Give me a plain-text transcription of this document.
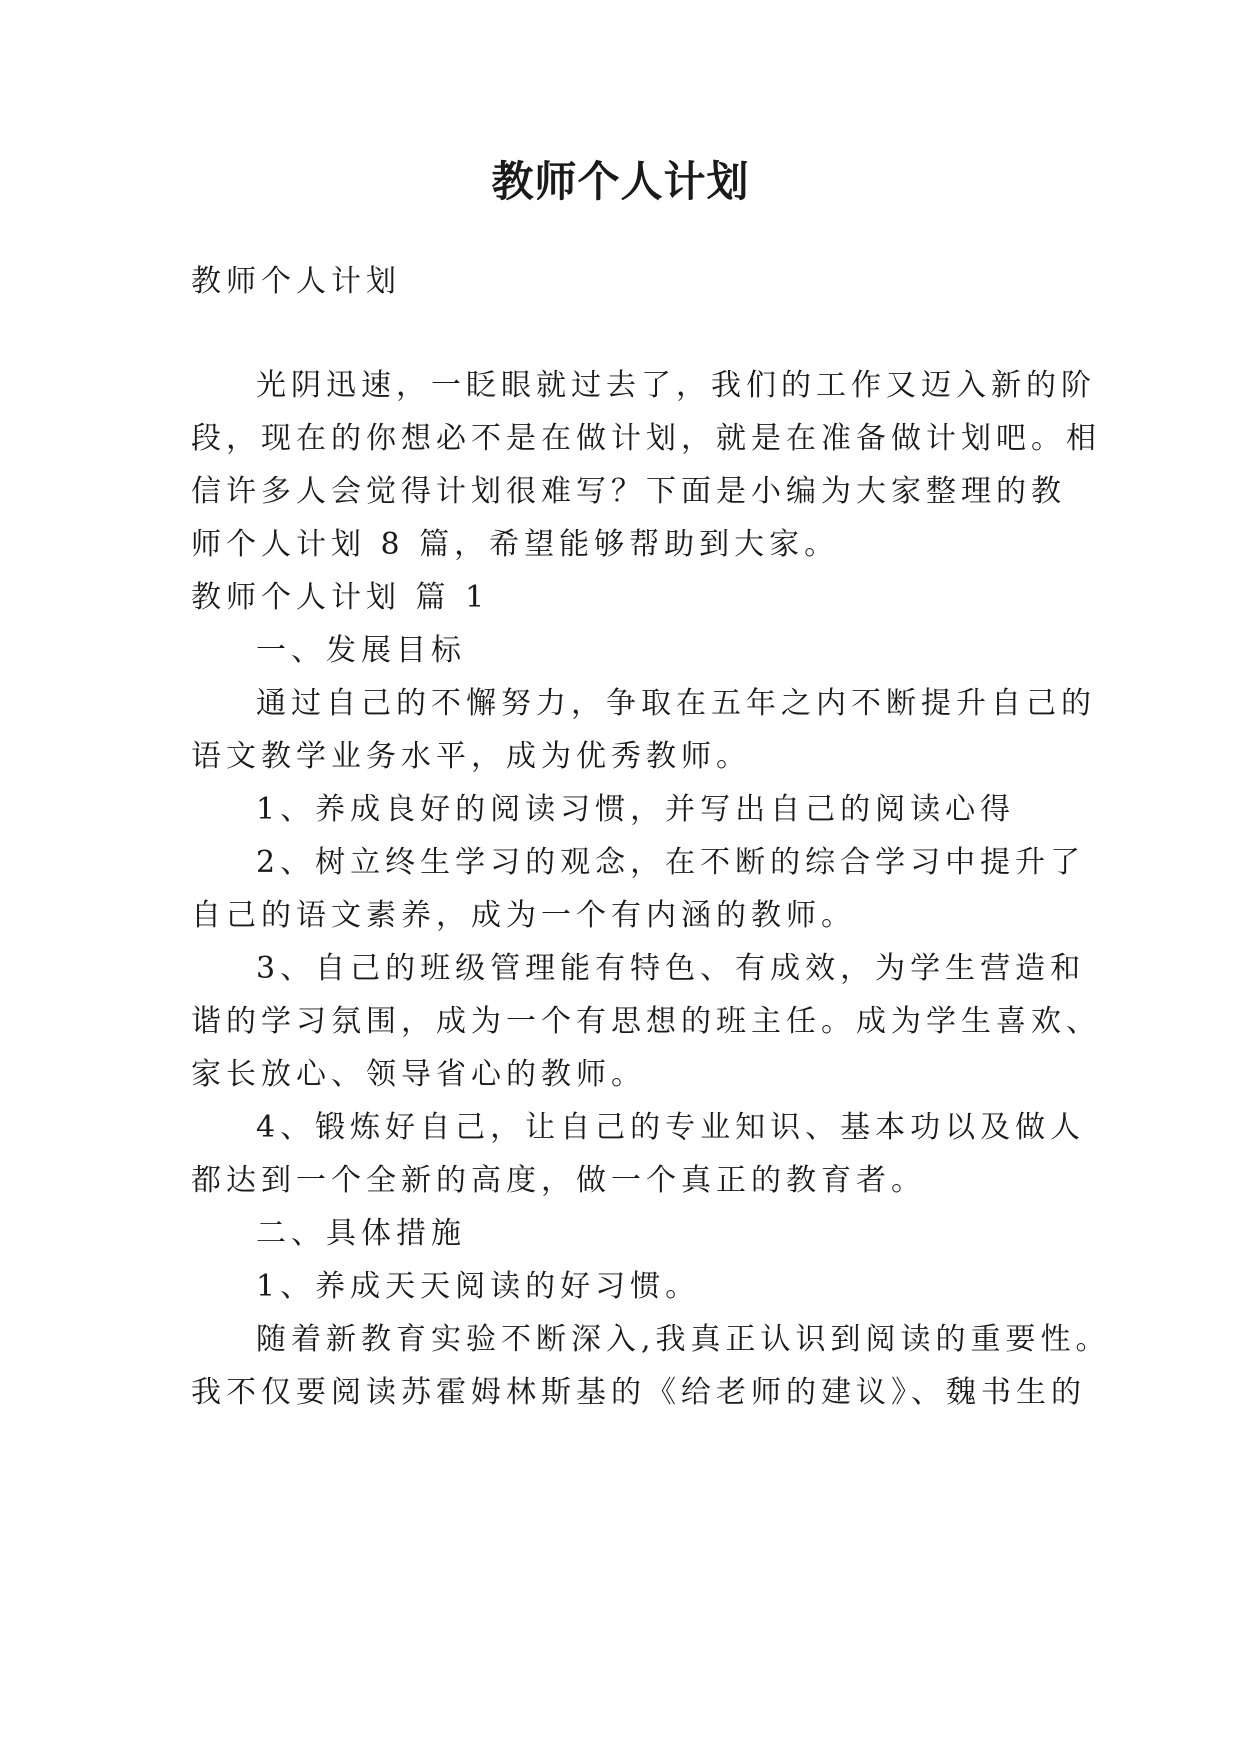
教师个人计划
教师个人计划
光阴迅速，一眨眼就过去了，我们的工作又迈入新的阶
段，现在的你想必不是在做计划，就是在准备做计划吧。相
信许多人会觉得计划很难写？下面是小编为大家整理的教
师个人计划 8 篇，希望能够帮助到大家。
教师个人计划 篇 1
一、发展目标
通过自己的不懈努力，争取在五年之内不断提升自己的
语文教学业务水平，成为优秀教师。
1、养成良好的阅读习惯，并写出自己的阅读心得
2、树立终生学习的观念，在不断的综合学习中提升了
自己的语文素养，成为一个有内涵的教师。
3、自己的班级管理能有特色、有成效，为学生营造和
谐的学习氛围，成为一个有思想的班主任。成为学生喜欢、
家长放心、领导省心的教师。
4、锻炼好自己，让自己的专业知识、基本功以及做人
都达到一个全新的高度，做一个真正的教育者。
二、具体措施
1、养成天天阅读的好习惯。
随着新教育实验不断深入,我真正认识到阅读的重要性。
我不仅要阅读苏霍姆林斯基的《给老师的建议》、魏书生的
